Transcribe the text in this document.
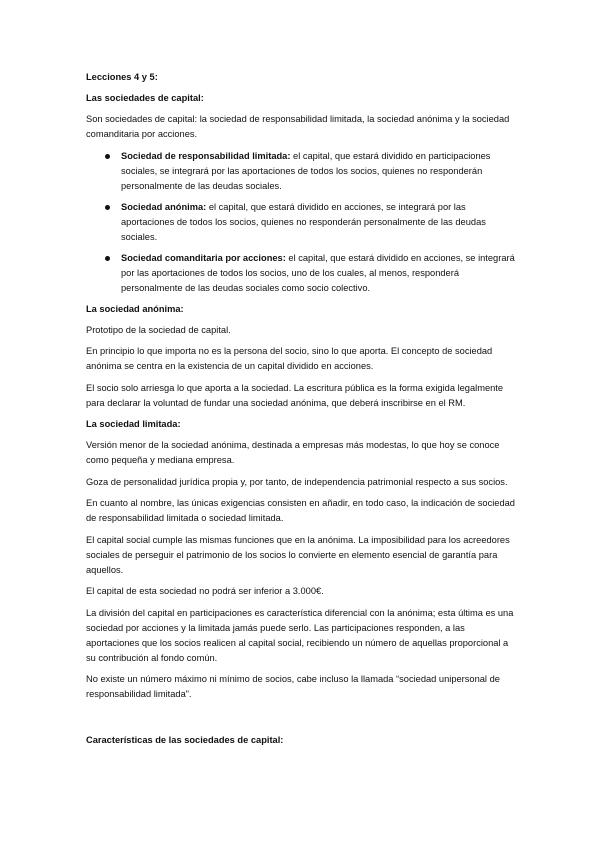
Lecciones 4 y 5:

Las sociedades de capital:

Son sociedades de capital: la sociedad de responsabilidad limitada, la sociedad anónima y la sociedad comanditaria por acciones.

Sociedad de responsabilidad limitada: el capital, que estará dividido en participaciones sociales, se integrará por las aportaciones de todos los socios, quienes no responderán personalmente de las deudas sociales.
Sociedad anónima: el capital, que estará dividido en acciones, se integrará por las aportaciones de todos los socios, quienes no responderán personalmente de las deudas sociales.
Sociedad comanditaria por acciones: el capital, que estará dividido en acciones, se integrará por las aportaciones de todos los socios, uno de los cuales, al menos, responderá personalmente de las deudas sociales como socio colectivo.

La sociedad anónima:

Prototipo de la sociedad de capital.

En principio lo que importa no es la persona del socio, sino lo que aporta. El concepto de sociedad anónima se centra en la existencia de un capital dividido en acciones.

El socio solo arriesga lo que aporta a la sociedad. La escritura pública es la forma exigida legalmente para declarar la voluntad de fundar una sociedad anónima, que deberá inscribirse en el RM.

La sociedad limitada:

Versión menor de la sociedad anónima, destinada a empresas más modestas, lo que hoy se conoce como pequeña y mediana empresa.

Goza de personalidad jurídica propia y, por tanto, de independencia patrimonial respecto a sus socios.

En cuanto al nombre, las únicas exigencias consisten en añadir, en todo caso, la indicación de sociedad de responsabilidad limitada o sociedad limitada.

El capital social cumple las mismas funciones que en la anónima. La imposibilidad para los acreedores sociales de perseguir el patrimonio de los socios lo convierte en elemento esencial de garantía para aquellos.

El capital de esta sociedad no podrá ser inferior a 3.000€.

La división del capital en participaciones es característica diferencial con la anónima; esta última es una sociedad por acciones y la limitada jamás puede serlo. Las participaciones responden, a las aportaciones que los socios realicen al capital social, recibiendo un número de aquellas proporcional a su contribución al fondo común.

No existe un número máximo ni mínimo de socios, cabe incluso la llamada “sociedad unipersonal de responsabilidad limitada”.

Características de las sociedades de capital:
